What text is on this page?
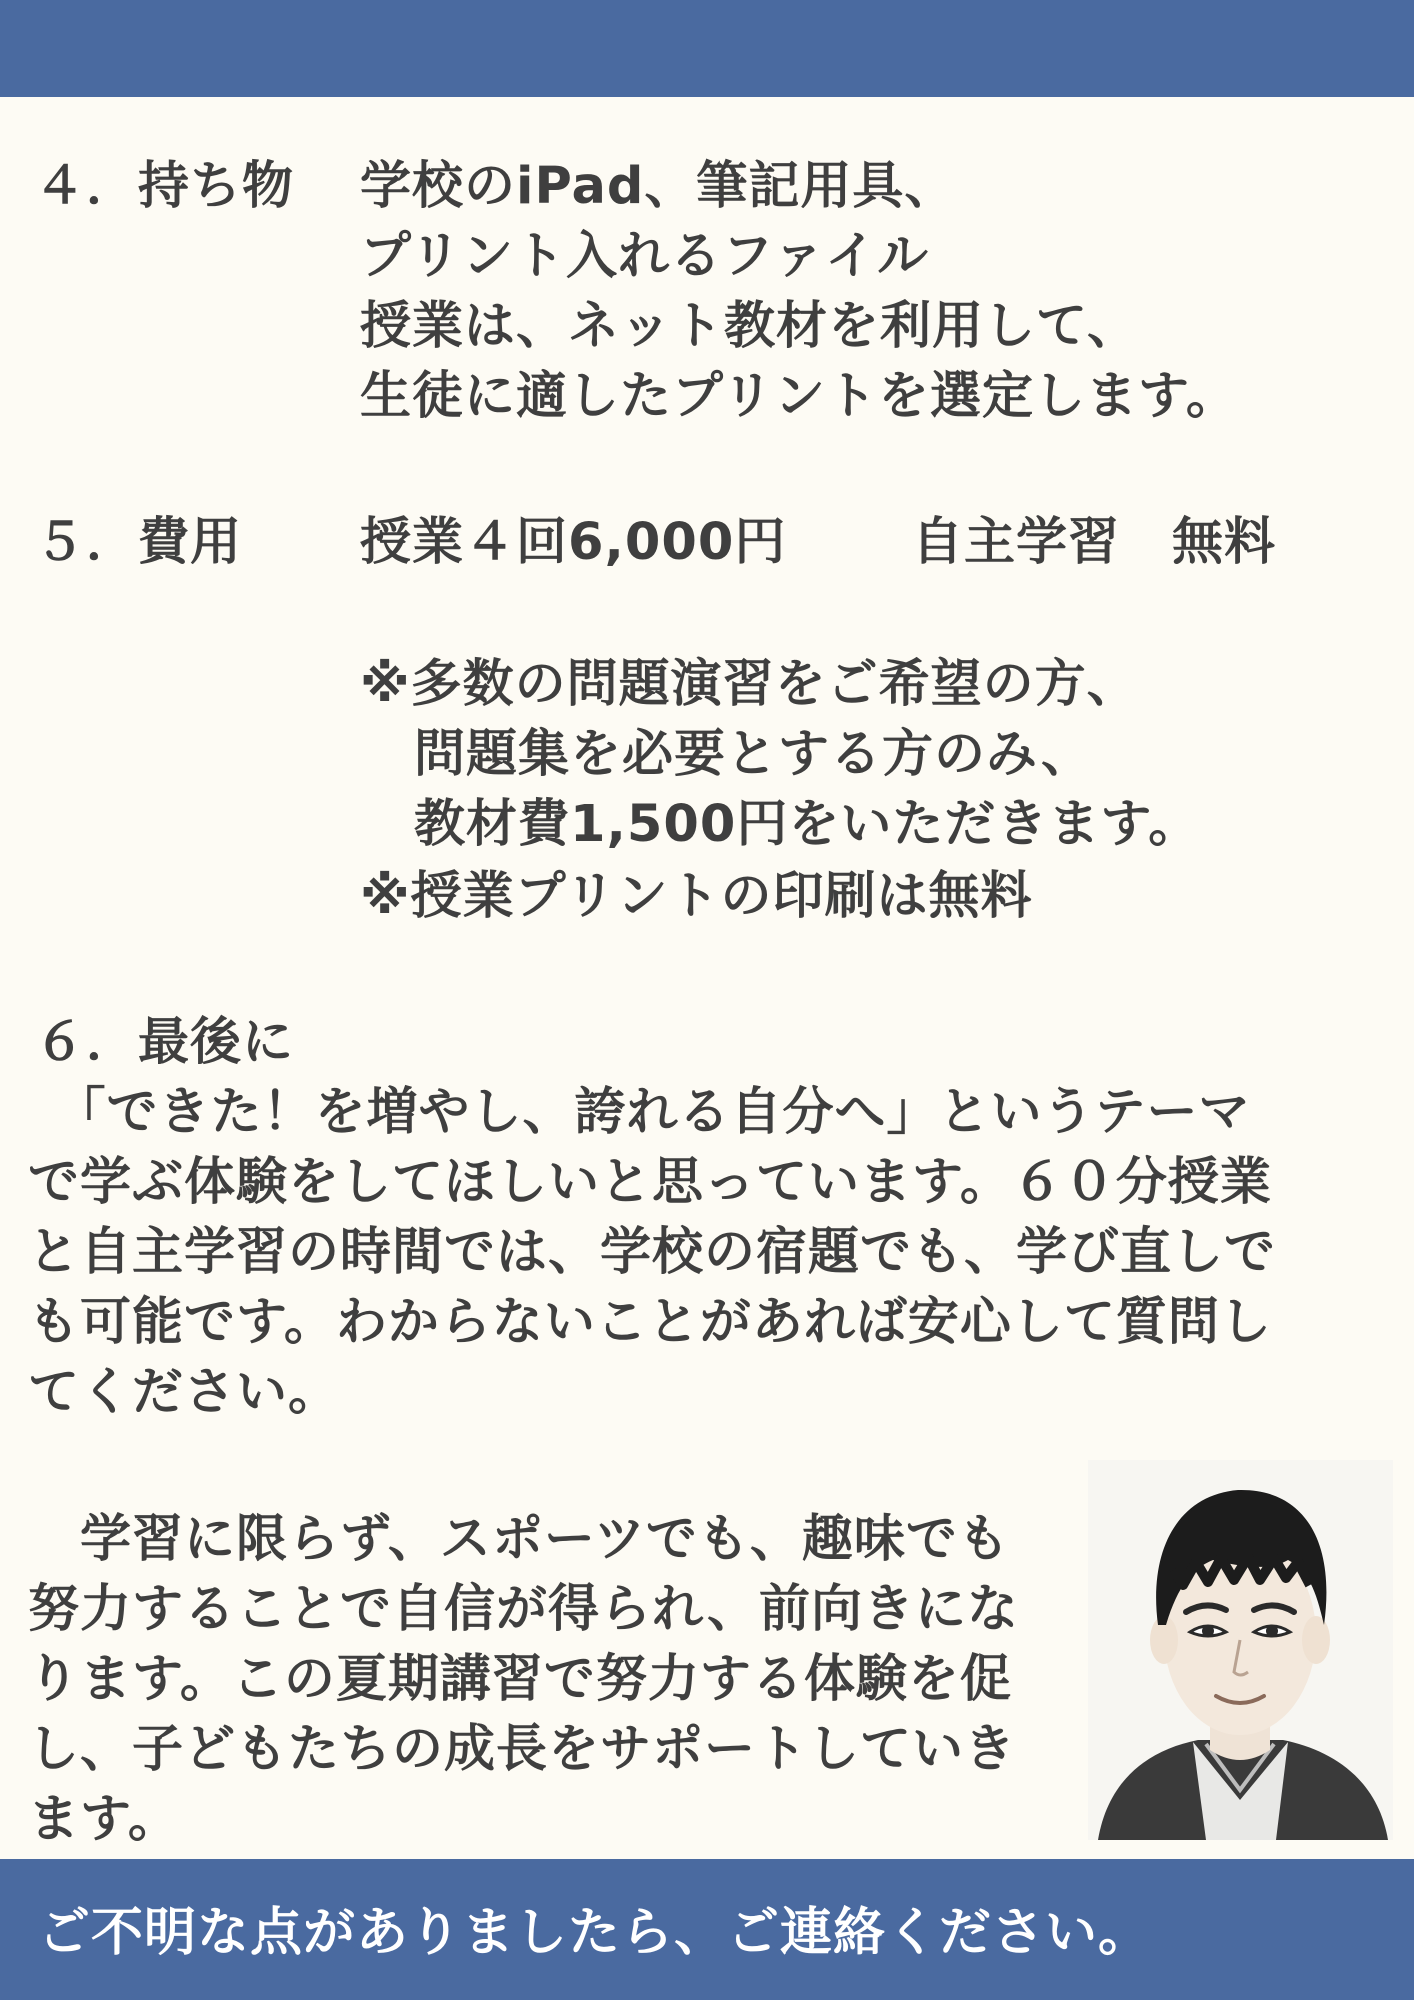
４．持ち物 学校のiPad、筆記用具、
プリント入れるファイル
授業は、ネット教材を利用して、
生徒に適したプリントを選定します。
５．費用 授業４回6,000円 自主学習　無料
※多数の問題演習をご希望の方、
問題集を必要とする方のみ、
教材費1,500円をいただきます。
※授業プリントの印刷は無料
６．最後に
　「できた！を増やし、誇れる自分へ」というテーマ
で学ぶ体験をしてほしいと思っています。６０分授業
と自主学習の時間では、学校の宿題でも、学び直しで
も可能です。わからないことがあれば安心して質問し
てください。
　学習に限らず、スポーツでも、趣味でも
努力することで自信が得られ、前向きにな
ります。この夏期講習で努力する体験を促
し、子どもたちの成長をサポートしていき
ます。
ご不明な点がありましたら、ご連絡ください。
